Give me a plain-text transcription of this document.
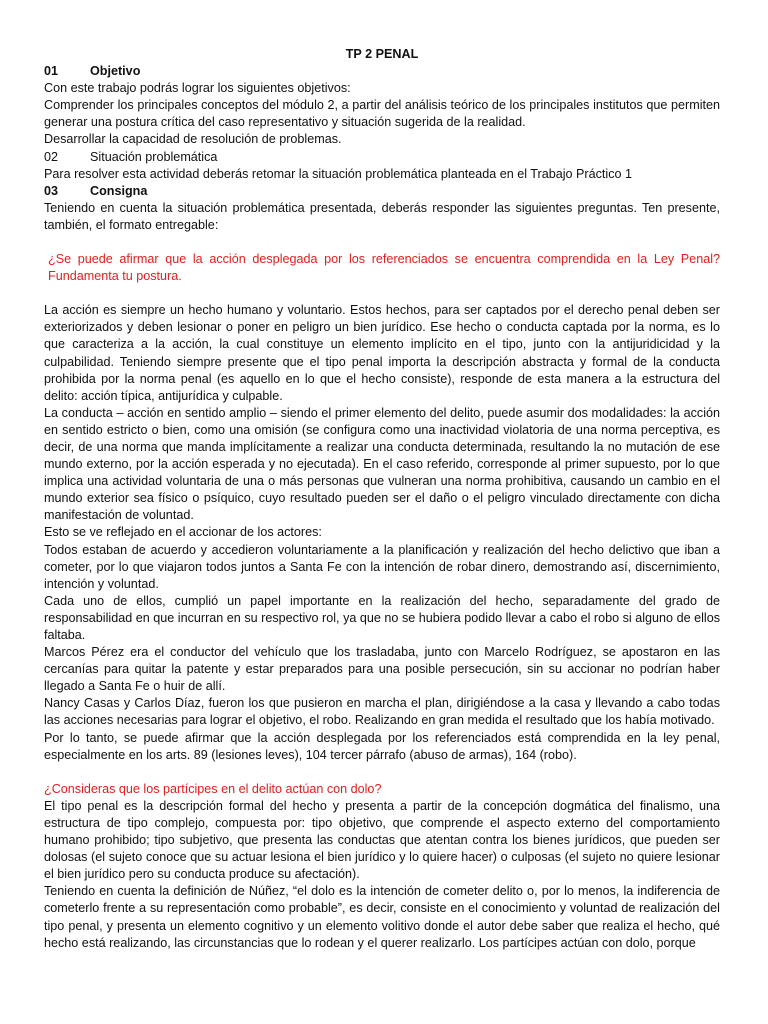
TP 2 PENAL

01	Objetivo

Con este trabajo podrás lograr los siguientes objetivos:

Comprender los principales conceptos del módulo 2, a partir del análisis teórico de los principales institutos que permiten generar una postura crítica del caso representativo y situación sugerida de la realidad.

Desarrollar la capacidad de resolución de problemas.

02	Situación problemática

Para resolver esta actividad deberás retomar la situación problemática planteada en el Trabajo Práctico 1

03	Consigna

Teniendo en cuenta la situación problemática presentada, deberás responder las siguientes preguntas. Ten presente, también, el formato entregable:

¿Se puede afirmar que la acción desplegada por los referenciados se encuentra comprendida en la Ley Penal? Fundamenta tu postura.

La acción es siempre un hecho humano y voluntario. Estos hechos, para ser captados por el derecho penal deben ser exteriorizados y deben lesionar o poner en peligro un bien jurídico. Ese hecho o conducta captada por la norma, es lo que caracteriza a la acción, la cual constituye un elemento implícito en el tipo, junto con la antijuridicidad y la culpabilidad. Teniendo siempre presente que el tipo penal importa la descripción abstracta y formal de la conducta prohibida por la norma penal (es aquello en lo que el hecho consiste), responde de esta manera a la estructura del delito: acción típica, antijurídica y culpable.

La conducta – acción en sentido amplio – siendo el primer elemento del delito, puede asumir dos modalidades: la acción en sentido estricto o bien, como una omisión (se configura como una inactividad violatoria de una norma perceptiva, es decir, de una norma que manda implícitamente a realizar una conducta determinada, resultando la no mutación de ese mundo externo, por la acción esperada y no ejecutada). En el caso referido, corresponde al primer supuesto, por lo que implica una actividad voluntaria de una o más personas que vulneran una norma prohibitiva, causando un cambio en el mundo exterior sea físico o psíquico, cuyo resultado pueden ser el daño o el peligro vinculado directamente con dicha manifestación de voluntad.

Esto se ve reflejado en el accionar de los actores:

Todos estaban de acuerdo y accedieron voluntariamente a la planificación y realización del hecho delictivo que iban a cometer, por lo que viajaron todos juntos a Santa Fe con la intención de robar dinero, demostrando así, discernimiento, intención y voluntad.

Cada uno de ellos, cumplió un papel importante en la realización del hecho, separadamente del grado de responsabilidad en que incurran en su respectivo rol, ya que no se hubiera podido llevar a cabo el robo si alguno de ellos faltaba.

Marcos Pérez era el conductor del vehículo que los trasladaba, junto con Marcelo Rodríguez, se apostaron en las cercanías para quitar la patente y estar preparados para una posible persecución, sin su accionar no podrían haber llegado a Santa Fe o huir de allí.

Nancy Casas y Carlos Díaz, fueron los que pusieron en marcha el plan, dirigiéndose a la casa y llevando a cabo todas las acciones necesarias para lograr el objetivo, el robo. Realizando en gran medida el resultado que los había motivado.

Por lo tanto, se puede afirmar que la acción desplegada por los referenciados está comprendida en la ley penal, especialmente en los arts. 89 (lesiones leves), 104 tercer párrafo (abuso de armas), 164 (robo).

¿Consideras que los partícipes en el delito actúan con dolo?

El tipo penal es la descripción formal del hecho y presenta a partir de la concepción dogmática del finalismo, una estructura de tipo complejo, compuesta por: tipo objetivo, que comprende el aspecto externo del comportamiento humano prohibido; tipo subjetivo, que presenta las conductas que atentan contra los bienes jurídicos, que pueden ser dolosas (el sujeto conoce que su actuar lesiona el bien jurídico y lo quiere hacer) o culposas (el sujeto no quiere lesionar el bien jurídico pero su conducta produce su afectación).

Teniendo en cuenta la definición de Núñez, “el dolo es la intención de cometer delito o, por lo menos, la indiferencia de cometerlo frente a su representación como probable”, es decir, consiste en el conocimiento y voluntad de realización del tipo penal, y presenta un elemento cognitivo y un elemento volitivo donde el autor debe saber que realiza el hecho, qué hecho está realizando, las circunstancias que lo rodean y el querer realizarlo. Los partícipes actúan con dolo, porque
